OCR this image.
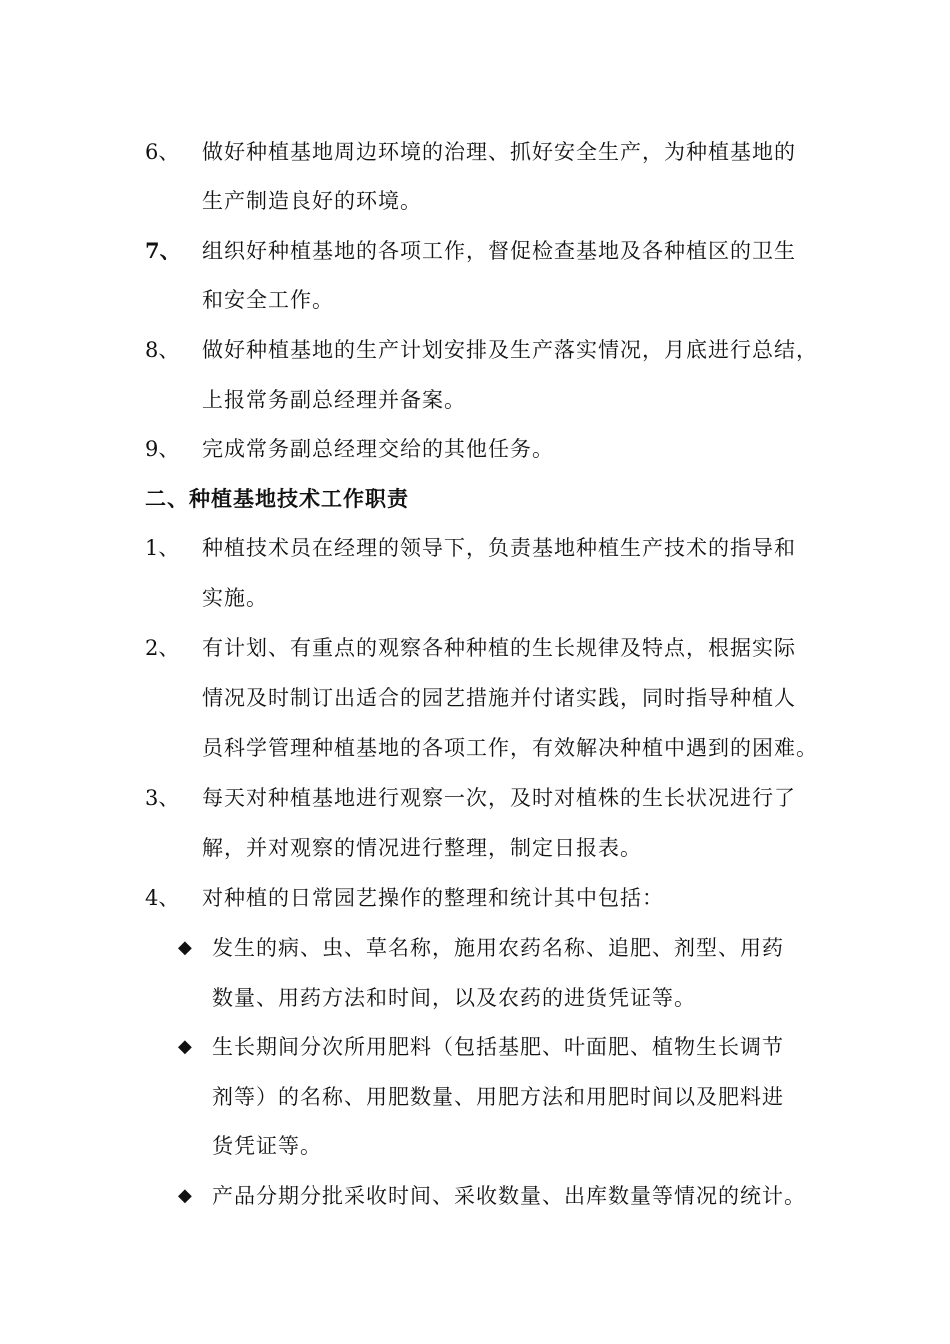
6、 做好种植基地周边环境的治理、抓好安全生产，为种植基地的
生产制造良好的环境。
7、 组织好种植基地的各项工作，督促检查基地及各种植区的卫生
和安全工作。
8、 做好种植基地的生产计划安排及生产落实情况，月底进行总结，
上报常务副总经理并备案。
9、 完成常务副总经理交给的其他任务。
二、种植基地技术工作职责
1、 种植技术员在经理的领导下，负责基地种植生产技术的指导和
实施。
2、 有计划、有重点的观察各种种植的生长规律及特点，根据实际
情况及时制订出适合的园艺措施并付诸实践，同时指导种植人
员科学管理种植基地的各项工作，有效解决种植中遇到的困难。
3、 每天对种植基地进行观察一次，及时对植株的生长状况进行了
解，并对观察的情况进行整理，制定日报表。
4、 对种植的日常园艺操作的整理和统计其中包括：
◆ 发生的病、虫、草名称，施用农药名称、追肥、剂型、用药
数量、用药方法和时间，以及农药的进货凭证等。
◆ 生长期间分次所用肥料（包括基肥、叶面肥、植物生长调节
剂等）的名称、用肥数量、用肥方法和用肥时间以及肥料进
货凭证等。
◆ 产品分期分批采收时间、采收数量、出库数量等情况的统计。
